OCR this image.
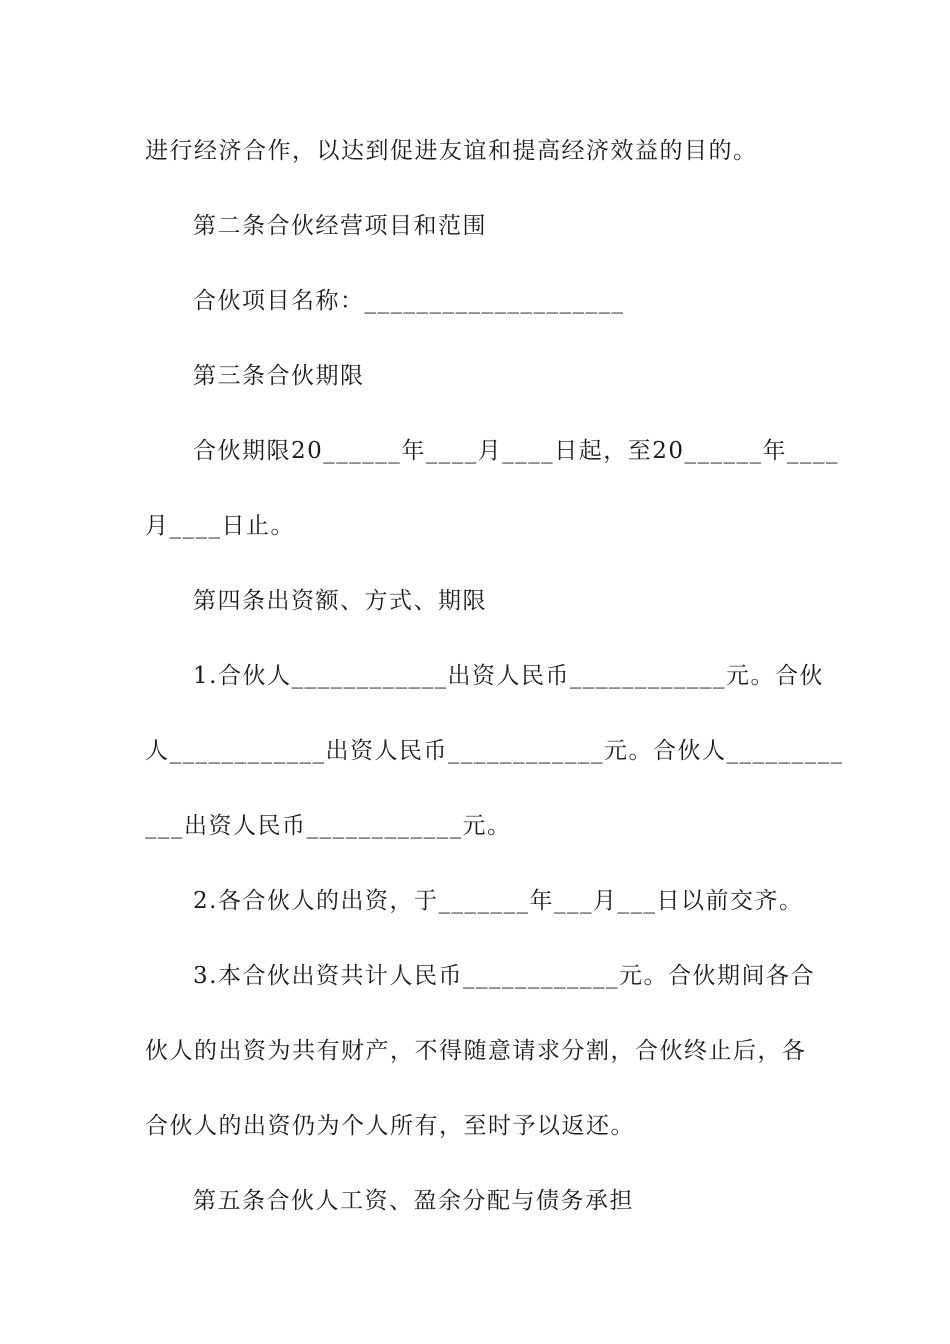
进行经济合作，以达到促进友谊和提高经济效益的目的。
第二条合伙经营项目和范围
合伙项目名称：____________________
第三条合伙期限
合伙期限20______年____月____日起，至20______年____
月____日止。
第四条出资额、方式、期限
1.合伙人____________出资人民币____________元。合伙
人____________出资人民币____________元。合伙人_________
___出资人民币____________元。
2.各合伙人的出资，于_______年___月___日以前交齐。
3.本合伙出资共计人民币____________元。合伙期间各合
伙人的出资为共有财产，不得随意请求分割，合伙终止后，各
合伙人的出资仍为个人所有，至时予以返还。
第五条合伙人工资、盈余分配与债务承担
